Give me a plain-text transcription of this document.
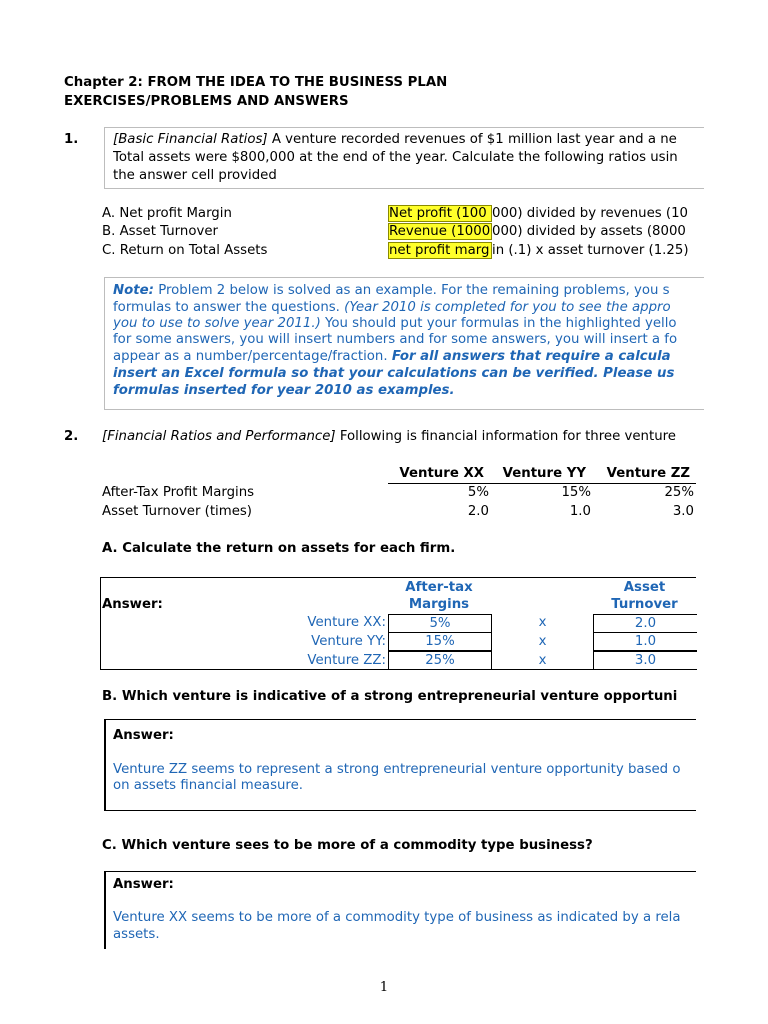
Chapter 2: FROM THE IDEA TO THE BUSINESS PLAN
EXERCISES/PROBLEMS AND ANSWERS
1.	[Basic Financial Ratios] A venture recorded revenues of $1 million last year and a ne
Total assets were $800,000 at the end of the year. Calculate the following ratios usin
the answer cell provided
A. Net profit Margin	Net profit (100 000) divided by revenues (10
B. Asset Turnover	Revenue (1000 000) divided by assets (8000
C. Return on Total Assets	net profit marg in (.1) x asset turnover (1.25)
Note: Problem 2 below is solved as an example. For the remaining problems, you s
formulas to answer the questions. (Year 2010 is completed for you to see the appro
you to use to solve year 2011.) You should put your formulas in the highlighted yello
for some answers, you will insert numbers and for some answers, you will insert a fo
appear as a number/percentage/fraction. For all answers that require a calcula
insert an Excel formula so that your calculations can be verified. Please us
formulas inserted for year 2010 as examples.
2. [Financial Ratios and Performance] Following is financial information for three venture
Venture XX	Venture YY	Venture ZZ
After-Tax Profit Margins	5%	15%	25%
Asset Turnover (times)	2.0	1.0	3.0
A. Calculate the return on assets for each firm.
Answer:
After-tax
Margins
Asset
Turnover
Venture XX:	5%	x	2.0
Venture YY:	15%	x	1.0
Venture ZZ:	25%	x	3.0
B. Which venture is indicative of a strong entrepreneurial venture opportuni
Answer:
Venture ZZ seems to represent a strong entrepreneurial venture opportunity based o
on assets financial measure.
C. Which venture sees to be more of a commodity type business?
Answer:
Venture XX seems to be more of a commodity type of business as indicated by a rela
assets.
1
